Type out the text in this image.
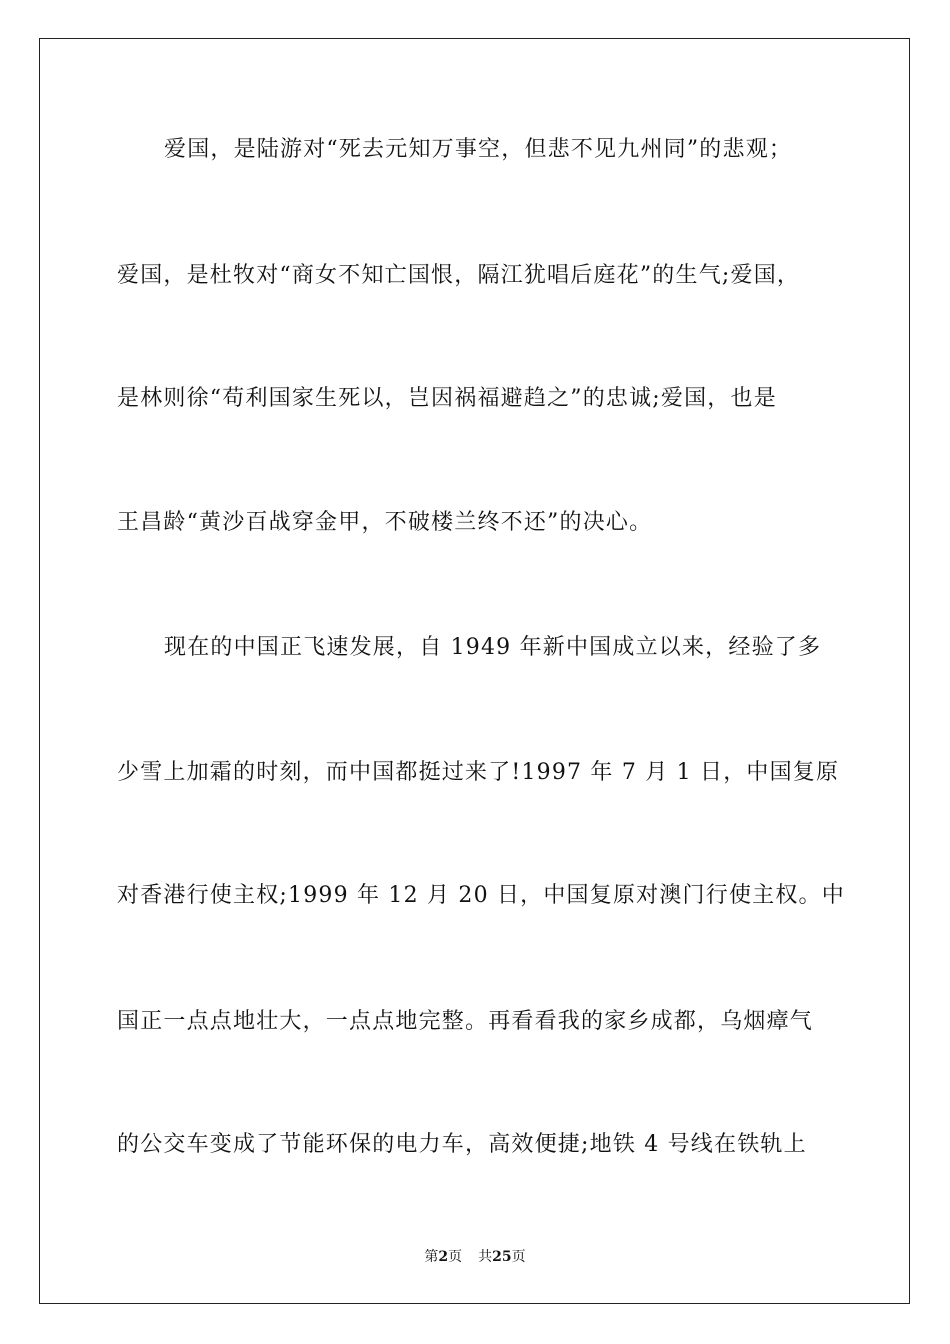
爱国，是陆游对“死去元知万事空，但悲不见九州同”的悲观；
爱国，是杜牧对“商女不知亡国恨，隔江犹唱后庭花”的生气;爱国，
是林则徐“苟利国家生死以，岂因祸福避趋之”的忠诚;爱国，也是
王昌龄“黄沙百战穿金甲，不破楼兰终不还”的决心。
现在的中国正飞速发展，自 1949 年新中国成立以来，经验了多
少雪上加霜的时刻，而中国都挺过来了!1997 年 7 月 1 日，中国复原
对香港行使主权;1999 年 12 月 20 日，中国复原对澳门行使主权。中
国正一点点地壮大，一点点地完整。再看看我的家乡成都，乌烟瘴气
的公交车变成了节能环保的电力车，高效便捷;地铁 4 号线在铁轨上
第2页 共25页
